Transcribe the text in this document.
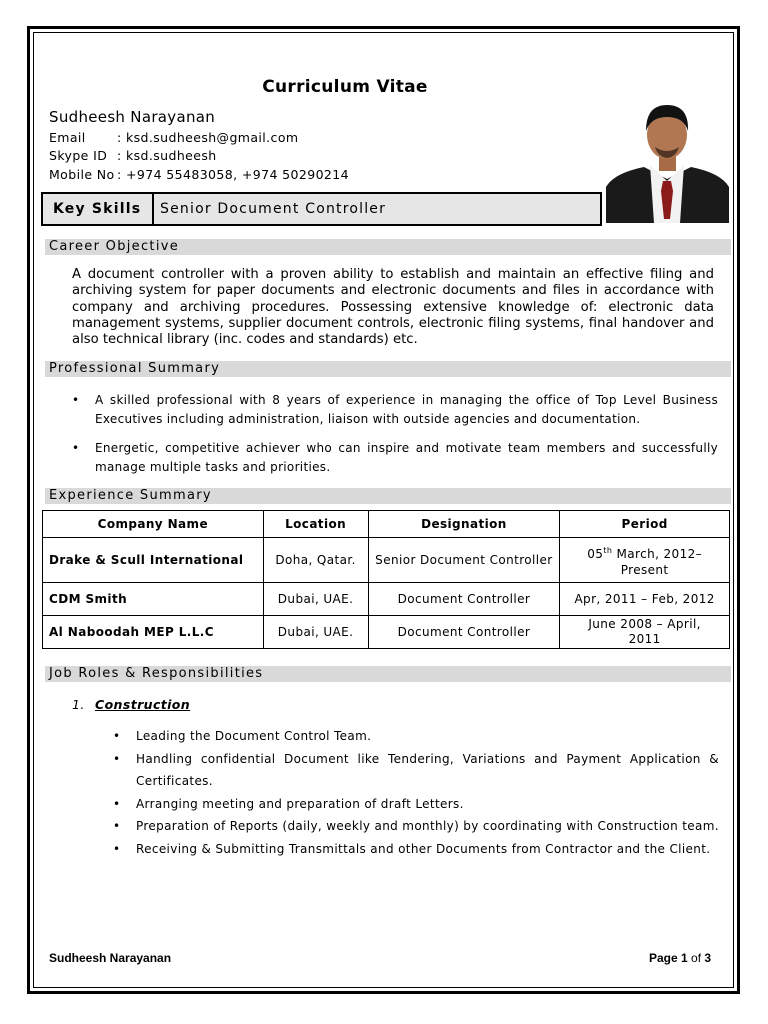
Curriculum Vitae
Sudheesh Narayanan
Email	: ksd.sudheesh@gmail.com
Skype ID : ksd.sudheesh
Mobile No : +974 55483058, +974 50290214
Key Skills	Senior Document Controller
Career Objective
A document controller with a proven ability to establish and maintain an effective filing and archiving system for paper documents and electronic documents and files in accordance with company and archiving procedures. Possessing extensive knowledge of: electronic data management systems, supplier document controls, electronic filing systems, final handover and also technical library (inc. codes and standards) etc.
Professional Summary
• A skilled professional with 8 years of experience in managing the office of Top Level Business Executives including administration, liaison with outside agencies and documentation.
• Energetic, competitive achiever who can inspire and motivate team members and successfully manage multiple tasks and priorities.
Experience Summary
Company Name	Location	Designation	Period
Drake & Scull International	Doha, Qatar.	Senior Document Controller	05th March, 2012–Present
CDM Smith	Dubai, UAE.	Document Controller	Apr, 2011 – Feb, 2012
Al Naboodah MEP L.L.C	Dubai, UAE.	Document Controller	June 2008 – April, 2011
Job Roles & Responsibilities
1. Construction
• Leading the Document Control Team.
• Handling confidential Document like Tendering, Variations and Payment Application & Certificates.
• Arranging meeting and preparation of draft Letters.
• Preparation of Reports (daily, weekly and monthly) by coordinating with Construction team.
• Receiving & Submitting Transmittals and other Documents from Contractor and the Client.
Sudheesh Narayanan	Page 1 of 3
